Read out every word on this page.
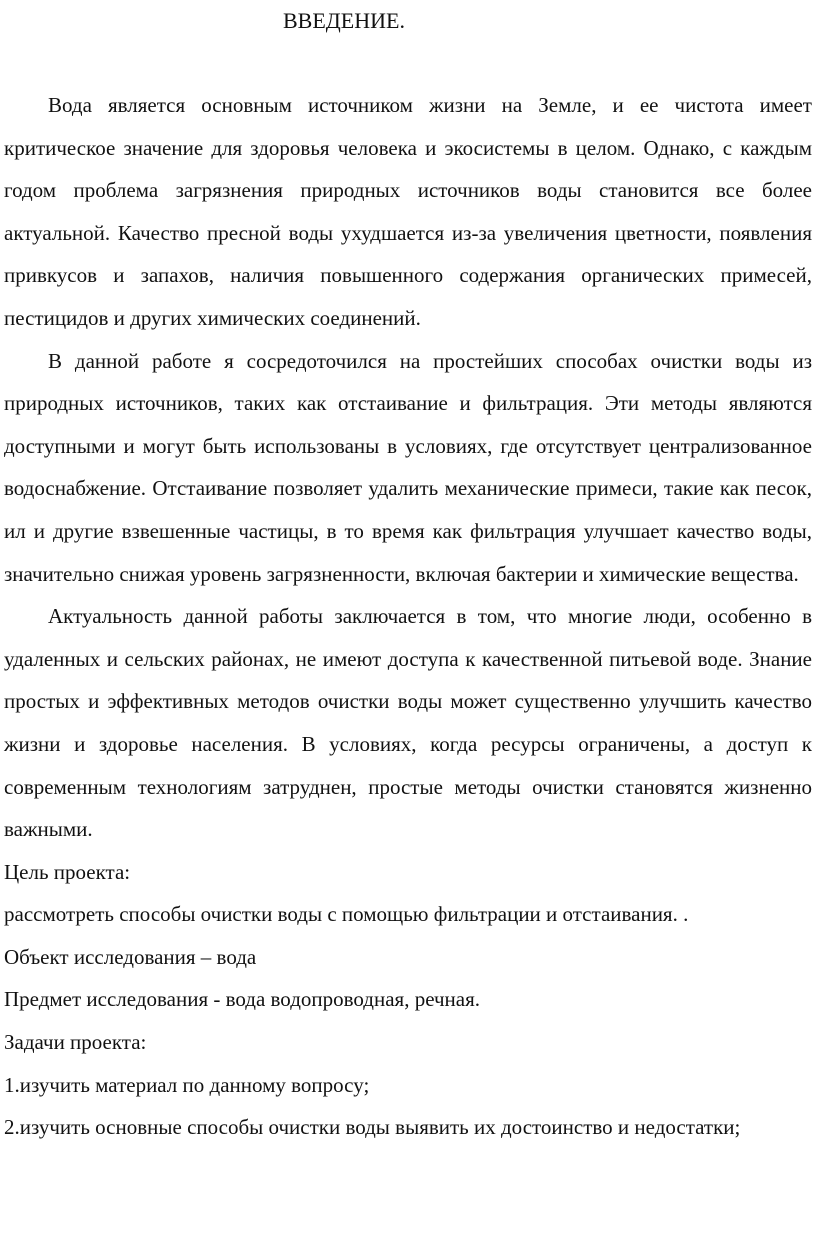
ВВЕДЕНИЕ.

Вода является основным источником жизни на Земле, и ее чистота имеет критическое значение для здоровья человека и экосистемы в целом. Однако, с каждым годом проблема загрязнения природных источников воды становится все более актуальной. Качество пресной воды ухудшается из-за увеличения цветности, появления привкусов и запахов, наличия повышенного содержания органических примесей, пестицидов и других химических соединений.

В данной работе я сосредоточился на простейших способах очистки воды из природных источников, таких как отстаивание и фильтрация. Эти методы являются доступными и могут быть использованы в условиях, где отсутствует централизованное водоснабжение. Отстаивание позволяет удалить механические примеси, такие как песок, ил и другие взвешенные частицы, в то время как фильтрация улучшает качество воды, значительно снижая уровень загрязненности, включая бактерии и химические вещества.

Актуальность данной работы заключается в том, что многие люди, особенно в удаленных и сельских районах, не имеют доступа к качественной питьевой воде. Знание простых и эффективных методов очистки воды может существенно улучшить качество жизни и здоровье населения. В условиях, когда ресурсы ограничены, а доступ к современным технологиям затруднен, простые методы очистки становятся жизненно важными.

Цель проекта:

рассмотреть способы очистки воды с помощью фильтрации и отстаивания. .

Объект исследования – вода

Предмет исследования - вода водопроводная, речная.

Задачи проекта:

1.изучить материал по данному вопросу;

2.изучить основные способы очистки воды выявить их достоинство и недостатки;
